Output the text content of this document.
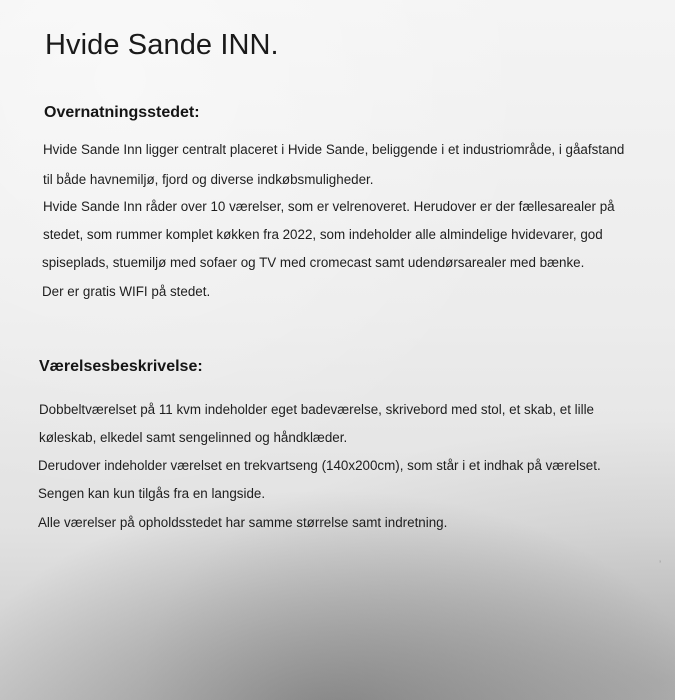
Hvide Sande INN.
Overnatningsstedet:

Hvide Sande Inn ligger centralt placeret i Hvide Sande, beliggende i et industriområde, i gåafstand

til både havnemiljø, fjord og diverse indkøbsmuligheder.

Hvide Sande Inn råder over 10 værelser, som er velrenoveret. Herudover er der fællesarealer på

stedet, som rummer komplet køkken fra 2022, som indeholder alle almindelige hvidevarer, god

spiseplads, stuemiljø med sofaer og TV med cromecast samt udendørsarealer med bænke.

Der er gratis WIFI på stedet.

Værelsesbeskrivelse:

Dobbeltværelset på 11 kvm indeholder eget badeværelse, skrivebord med stol, et skab, et lille

køleskab, elkedel samt sengelinned og håndklæder.

Derudover indeholder værelset en trekvartseng (140x200cm), som står i et indhak på værelset.

Sengen kan kun tilgås fra en langside.

Alle værelser på opholdsstedet har samme størrelse samt indretning.

ʼ
